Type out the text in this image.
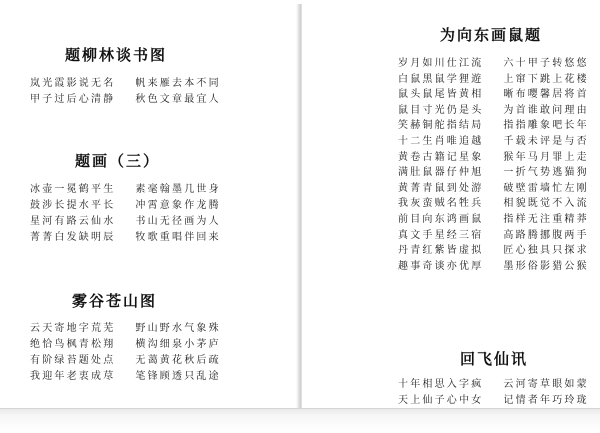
题柳林谈书图
岚光霞影说无名
甲子过后心清静
帆来雁去本不同
秋色文章最宜人
题画（三）
冰壶一冕鹤平生
鼓涉长提水平长
星河有路云仙水
菁菁白发缺明辰
素毫翰墨几世身
冲霄意象作龙腾
书山无径画为人
牧歌重唱伴回来
雾谷苍山图
云天寄地字荒芜
绝恰鸟枫青松翔
有阶绿苔题处点
我迎年老衷成荩
野山野水气象殊
横沟细泉小茅庐
无蔼黄花秋后疏
笔锋顾透只乱途
为向东画鼠题
岁月如川仕江流
白鼠黑鼠学狸遊
鼠头鼠尾皆黄相
鼠目寸光仍是头
笑赫铜舵指结局
十二生肖唯追越
黄卷古籍记星象
满肚鼠器仔仲旭
黄菁青鼠到处游
我灰蛮贼名牲兵
前目向东鸿画鼠
真文手星经三宿
丹青红紫皆虚拟
趣事奇谈亦优厚
六十甲子转悠悠
上窜下跳上花楼
晰布嘤馨居将首
为首谁敢问理由
指指雕象吧长年
千载未评是与否
猴年马月罪上走
一折气势逃猫狗
破壁雷墙忙左刚
相貌既觉不入流
指样无注重精莽
高路腾挪腹两手
匠心独具只探求
墨形俗影猎公猴
回飞仙讯
十年相思入字疯
天上仙子心中女
云河寄草眼如蒙
记情者年巧玲珑
